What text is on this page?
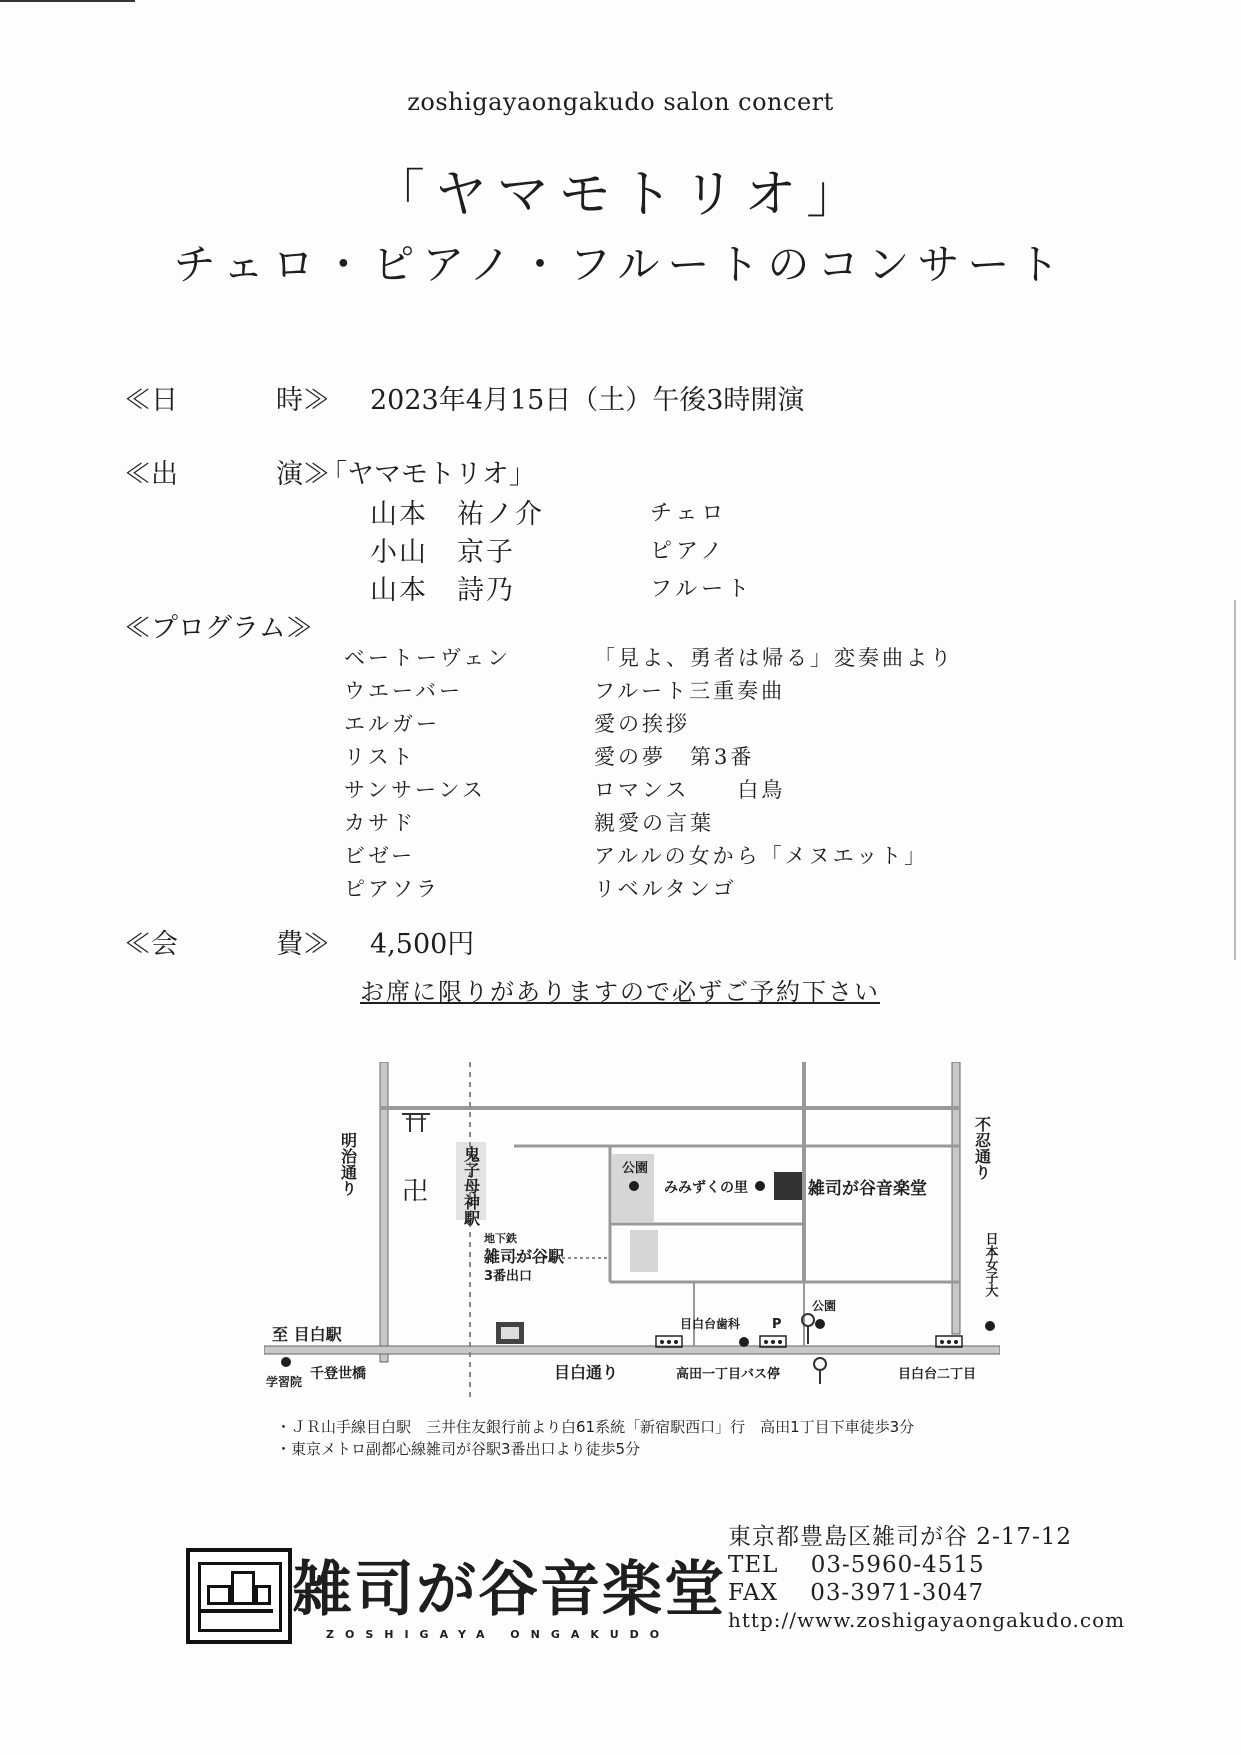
zoshigayaongakudo salon concert
「ヤマモトリオ」
チェロ・ピアノ・フルートのコンサート
≪日	時≫ 2023年4月15日（土）午後3時開演
≪出	演≫
「ヤマモトリオ」
山本　祐ノ介	チェロ
小山　京子	ピアノ
山本　詩乃	フルート
≪プログラム≫
ベートーヴェン	「見よ、勇者は帰る」変奏曲より
ウエーバー	フルート三重奏曲
エルガー	愛の挨拶
リスト	愛の夢　第3番
サンサーンス	ロマンス　　白鳥
カサド	親愛の言葉
ビゼー	アルルの女から「メヌエット」
ピアソラ	リベルタンゴ
≪会	費≫ 4,500円
お席に限りがありますので必ずご予約下さい
明治通り	不忍通り
鬼子母神駅	公園
みみずくの里	雑司が谷音楽堂
日本女子大
地下鉄
雑司が谷駅
3番出口
至 目白駅
目白台歯科
公園
P
学習院 千登世橋	目白通り	高田一丁目バス停	目白台二丁目
卍
・ＪＲ山手線目白駅　三井住友銀行前より白61系統「新宿駅西口」行　高田1丁目下車徒歩3分
・東京メトロ副都心線雑司が谷駅3番出口より徒歩5分
雑司が谷音楽堂
ZOSHIGAYA ONGAKUDO
東京都豊島区雑司が谷 2-17-12
TEL　 03-5960-4515
FAX　 03-3971-3047
http://www.zoshigayaongakudo.com
